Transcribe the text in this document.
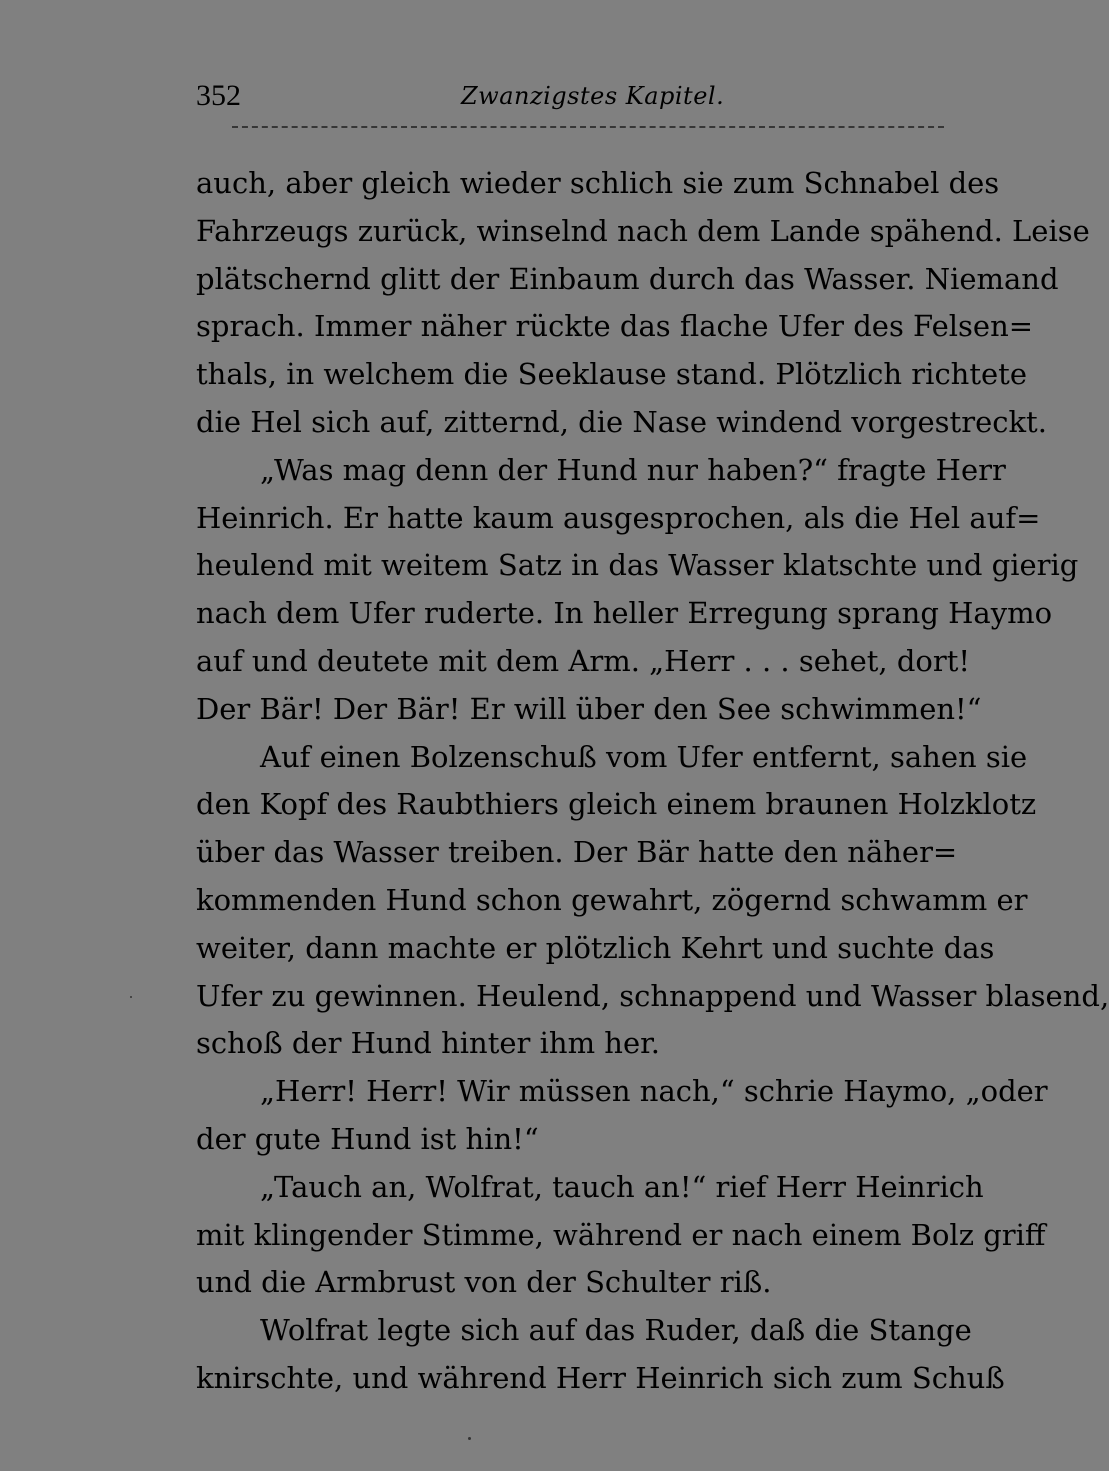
352	Zwanzigstes Kapitel.
auch, aber gleich wieder schlich sie zum Schnabel des
Fahrzeugs zurück, winselnd nach dem Lande spähend. Leise
plätschernd glitt der Einbaum durch das Wasser. Niemand
sprach. Immer näher rückte das flache Ufer des Felsen=
thals, in welchem die Seeklause stand. Plötzlich richtete
die Hel sich auf, zitternd, die Nase windend vorgestreckt.
„Was mag denn der Hund nur haben?“ fragte Herr
Heinrich. Er hatte kaum ausgesprochen, als die Hel auf=
heulend mit weitem Satz in das Wasser klatschte und gierig
nach dem Ufer ruderte. In heller Erregung sprang Haymo
auf und deutete mit dem Arm. „Herr . . . sehet, dort!
Der Bär! Der Bär! Er will über den See schwimmen!“
Auf einen Bolzenschuß vom Ufer entfernt, sahen sie
den Kopf des Raubthiers gleich einem braunen Holzklotz
über das Wasser treiben. Der Bär hatte den näher=
kommenden Hund schon gewahrt, zögernd schwamm er
weiter, dann machte er plötzlich Kehrt und suchte das
Ufer zu gewinnen. Heulend, schnappend und Wasser blasend,
schoß der Hund hinter ihm her.
„Herr! Herr! Wir müssen nach,“ schrie Haymo, „oder
der gute Hund ist hin!“
„Tauch an, Wolfrat, tauch an!“ rief Herr Heinrich
mit klingender Stimme, während er nach einem Bolz griff
und die Armbrust von der Schulter riß.
Wolfrat legte sich auf das Ruder, daß die Stange
knirschte, und während Herr Heinrich sich zum Schuß
